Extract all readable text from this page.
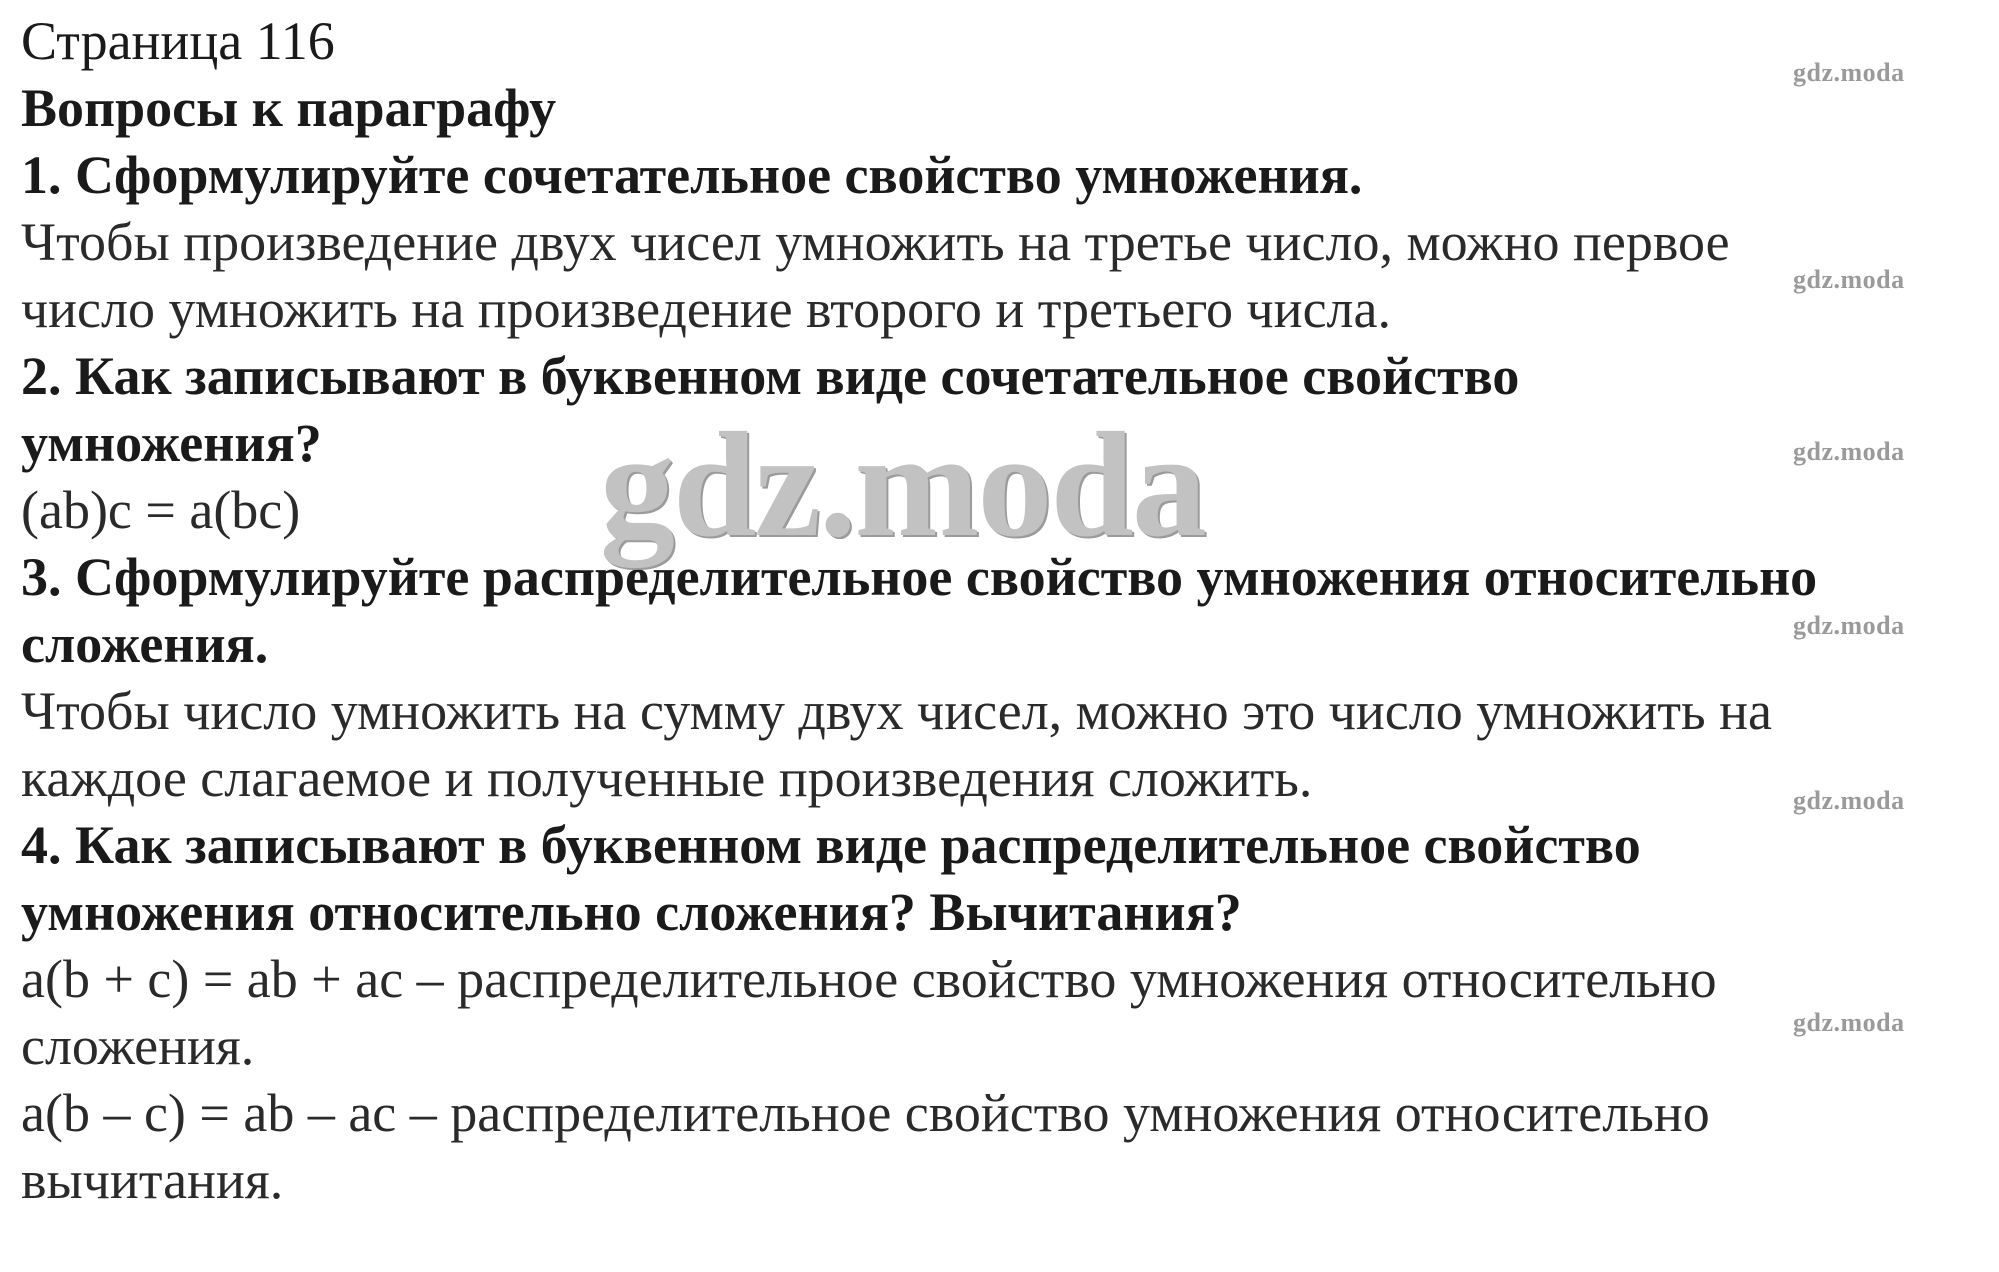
Страница 116
Вопросы к параграфу
1. Сформулируйте сочетательное свойство умножения.
Чтобы произведение двух чисел умножить на третье число, можно первое
число умножить на произведение второго и третьего числа.
2. Как записывают в буквенном виде сочетательное свойство
умножения?
(ab)c = a(bc)
3. Сформулируйте распределительное свойство умножения относительно
сложения.
Чтобы число умножить на сумму двух чисел, можно это число умножить на
каждое слагаемое и полученные произведения сложить.
4. Как записывают в буквенном виде распределительное свойство
умножения относительно сложения? Вычитания?
a(b + c) = ab + ac – распределительное свойство умножения относительно
сложения.
a(b – c) = ab – ac – распределительное свойство умножения относительно
вычитания.
gdz.moda
gdz.moda
gdz.moda
gdz.moda
gdz.moda
gdz.moda
gdz.moda
